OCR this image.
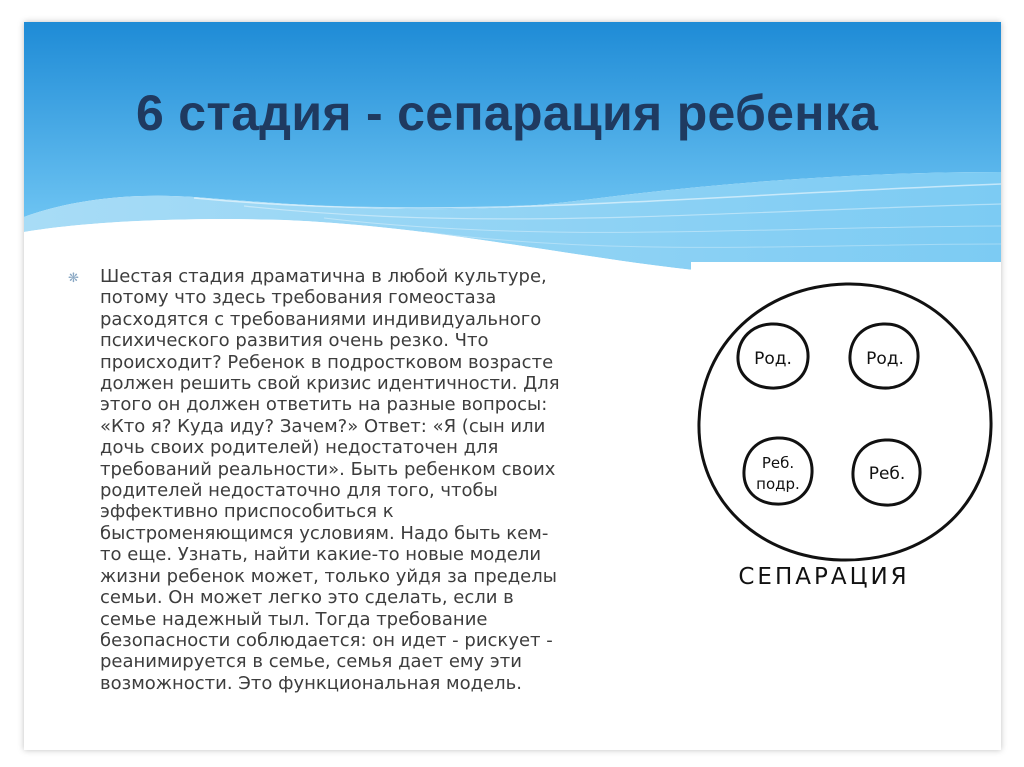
6 стадия - сепарация ребенка
❋ Шестая стадия драматична в любой культуре,
потому что здесь требования гомеостаза
расходятся с требованиями индивидуального
психического развития очень резко. Что
происходит? Ребенок в подростковом возрасте
должен решить свой кризис идентичности. Для
этого он должен ответить на разные вопросы:
«Кто я? Куда иду? Зачем?» Ответ: «Я (сын или
дочь своих родителей) недостаточен для
требований реальности». Быть ребенком своих
родителей недостаточно для того, чтобы
эффективно приспособиться к
быстроменяющимся условиям. Надо быть кем-
то еще. Узнать, найти какие-то новые модели
жизни ребенок может, только уйдя за пределы
семьи. Он может легко это сделать, если в
семье надежный тыл. Тогда требование
безопасности соблюдается: он идет - рискует -
реанимируется в семье, семья дает ему эти
возможности. Это функциональная модель.

Род.	Род.
Реб.
подр.	Реб.
СЕПАРАЦИЯ
